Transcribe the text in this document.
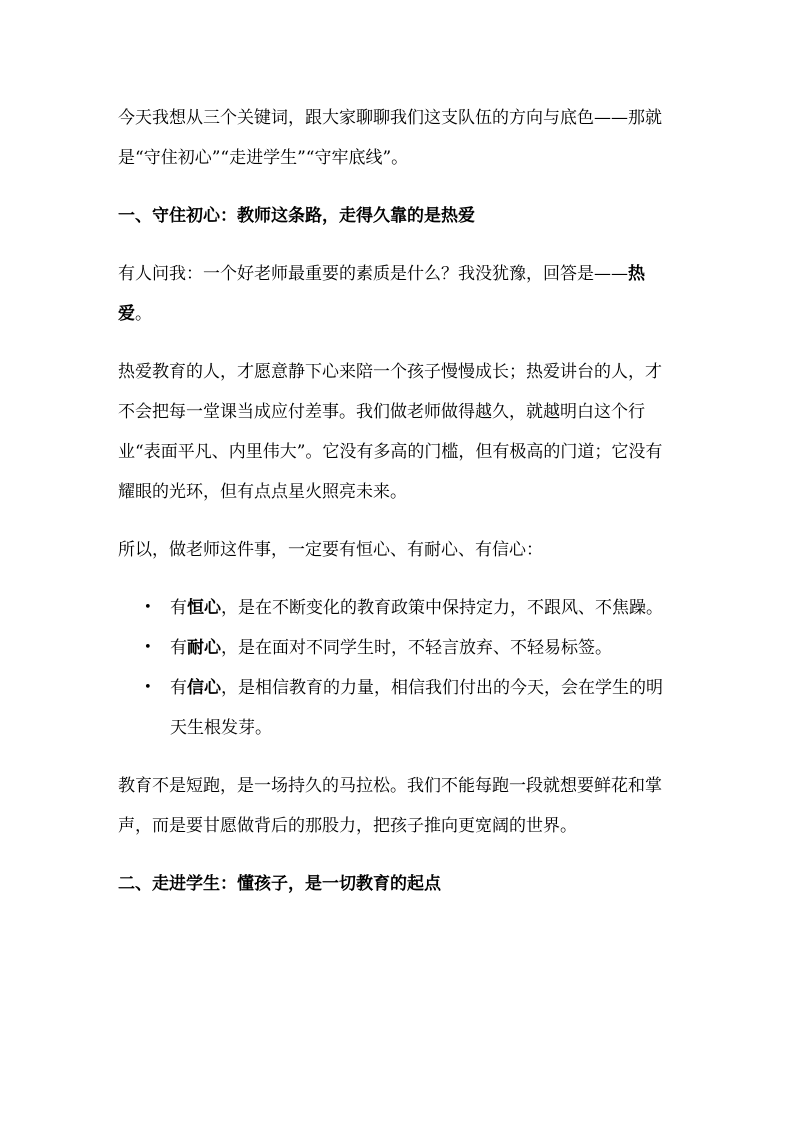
今天我想从三个关键词，跟大家聊聊我们这支队伍的方向与底色——那就是“守住初心”“走进学生”“守牢底线”。

一、守住初心：教师这条路，走得久靠的是热爱

有人问我：一个好老师最重要的素质是什么？我没犹豫，回答是——热爱。

热爱教育的人，才愿意静下心来陪一个孩子慢慢成长；热爱讲台的人，才不会把每一堂课当成应付差事。我们做老师做得越久，就越明白这个行业“表面平凡、内里伟大”。它没有多高的门槛，但有极高的门道；它没有耀眼的光环，但有点点星火照亮未来。

所以，做老师这件事，一定要有恒心、有耐心、有信心：

• 有恒心，是在不断变化的教育政策中保持定力，不跟风、不焦躁。
• 有耐心，是在面对不同学生时，不轻言放弃、不轻易标签。
• 有信心，是相信教育的力量，相信我们付出的今天，会在学生的明天生根发芽。

教育不是短跑，是一场持久的马拉松。我们不能每跑一段就想要鲜花和掌声，而是要甘愿做背后的那股力，把孩子推向更宽阔的世界。

二、走进学生：懂孩子，是一切教育的起点
